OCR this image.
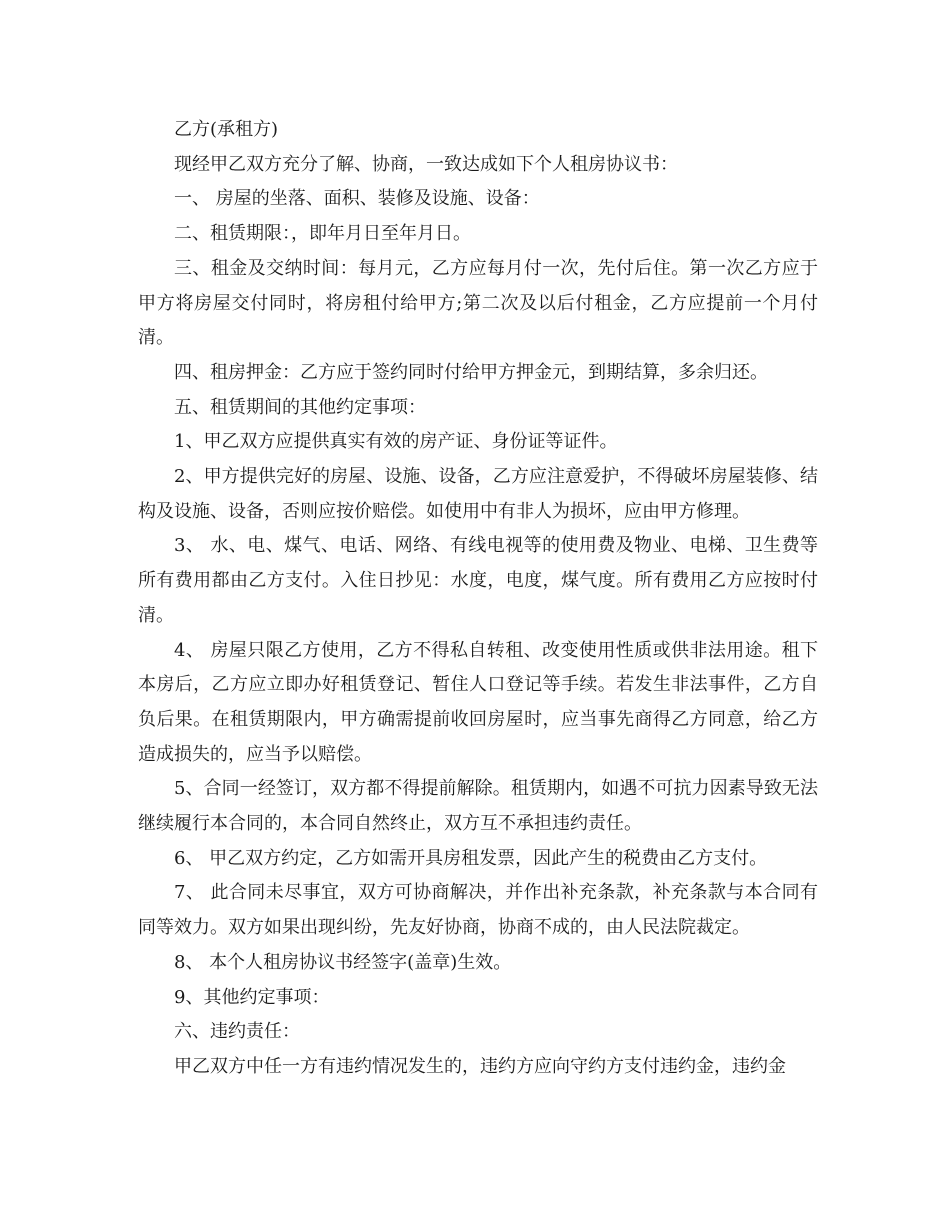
乙方(承租方)

现经甲乙双方充分了解、协商，一致达成如下个人租房协议书：

一、 房屋的坐落、面积、装修及设施、设备：

二、租赁期限：，即年月日至年月日。

三、租金及交纳时间：每月元，乙方应每月付一次，先付后住。第一次乙方应于甲方将房屋交付同时，将房租付给甲方;第二次及以后付租金，乙方应提前一个月付清。

四、租房押金：乙方应于签约同时付给甲方押金元，到期结算，多余归还。

五、租赁期间的其他约定事项：

1、甲乙双方应提供真实有效的房产证、身份证等证件。

2、甲方提供完好的房屋、设施、设备，乙方应注意爱护，不得破坏房屋装修、结构及设施、设备，否则应按价赔偿。如使用中有非人为损坏，应由甲方修理。

3、 水、电、煤气、电话、网络、有线电视等的使用费及物业、电梯、卫生费等所有费用都由乙方支付。入住日抄见：水度，电度，煤气度。所有费用乙方应按时付清。

4、 房屋只限乙方使用，乙方不得私自转租、改变使用性质或供非法用途。租下本房后，乙方应立即办好租赁登记、暂住人口登记等手续。若发生非法事件，乙方自负后果。在租赁期限内，甲方确需提前收回房屋时，应当事先商得乙方同意，给乙方造成损失的，应当予以赔偿。

5、合同一经签订，双方都不得提前解除。租赁期内，如遇不可抗力因素导致无法继续履行本合同的，本合同自然终止，双方互不承担违约责任。

6、 甲乙双方约定，乙方如需开具房租发票，因此产生的税费由乙方支付。

7、 此合同未尽事宜，双方可协商解决，并作出补充条款，补充条款与本合同有同等效力。双方如果出现纠纷，先友好协商，协商不成的，由人民法院裁定。

8、 本个人租房协议书经签字(盖章)生效。

9、其他约定事项：

六、违约责任：

甲乙双方中任一方有违约情况发生的，违约方应向守约方支付违约金，违约金
